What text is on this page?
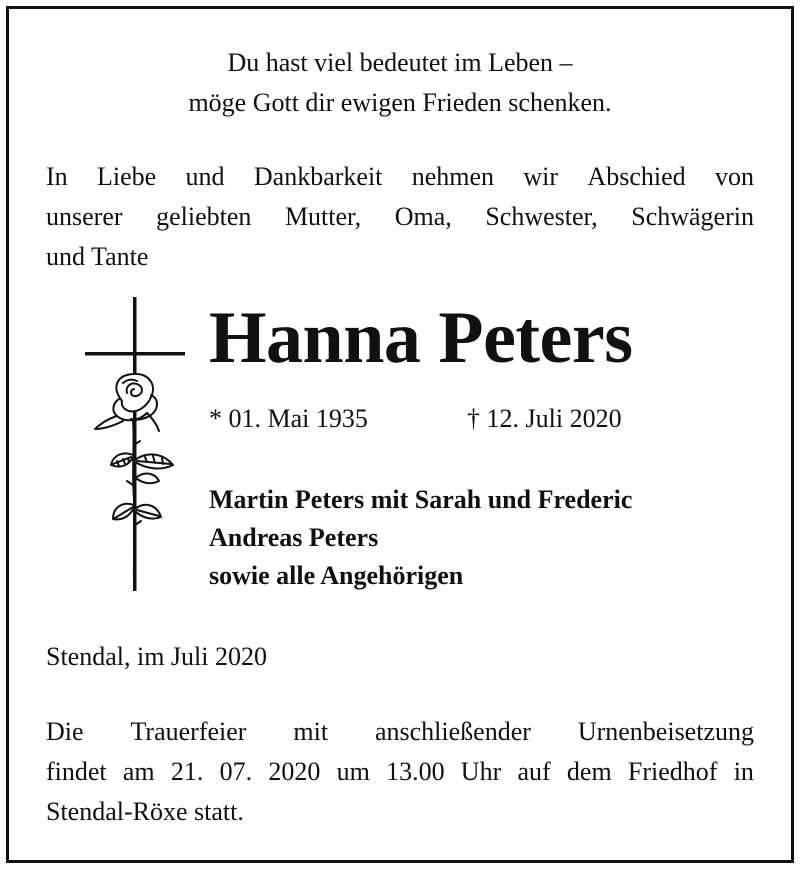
Du hast viel bedeutet im Leben –
möge Gott dir ewigen Frieden schenken.
In Liebe und Dankbarkeit nehmen wir Abschied von
unserer geliebten Mutter, Oma, Schwester, Schwägerin
und Tante
Hanna Peters
* 01. Mai 1935	† 12. Juli 2020
Martin Peters mit Sarah und Frederic
Andreas Peters
sowie alle Angehörigen
Stendal, im Juli 2020
Die Trauerfeier mit anschließender Urnenbeisetzung
findet am 21. 07. 2020 um 13.00 Uhr auf dem Friedhof in
Stendal-Röxe statt.
